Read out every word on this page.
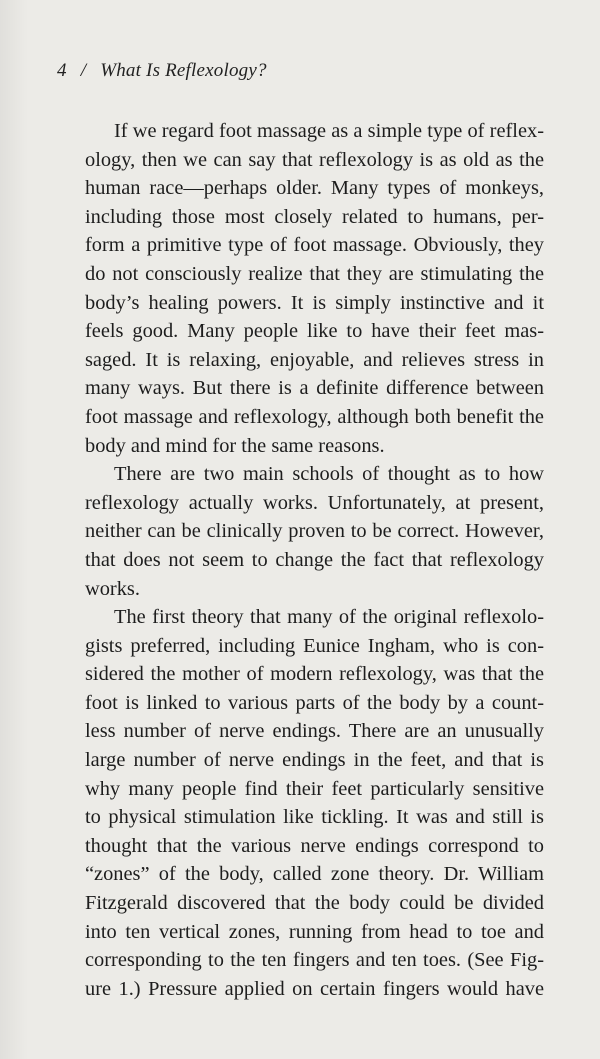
4 / What Is Reflexology?
If we regard foot massage as a simple type of reflex-
ology, then we can say that reflexology is as old as the
human race—perhaps older. Many types of monkeys,
including those most closely related to humans, per-
form a primitive type of foot massage. Obviously, they
do not consciously realize that they are stimulating the
body’s healing powers. It is simply instinctive and it
feels good. Many people like to have their feet mas-
saged. It is relaxing, enjoyable, and relieves stress in
many ways. But there is a definite difference between
foot massage and reflexology, although both benefit the
body and mind for the same reasons.
There are two main schools of thought as to how
reflexology actually works. Unfortunately, at present,
neither can be clinically proven to be correct. However,
that does not seem to change the fact that reflexology
works.
The first theory that many of the original reflexolo-
gists preferred, including Eunice Ingham, who is con-
sidered the mother of modern reflexology, was that the
foot is linked to various parts of the body by a count-
less number of nerve endings. There are an unusually
large number of nerve endings in the feet, and that is
why many people find their feet particularly sensitive
to physical stimulation like tickling. It was and still is
thought that the various nerve endings correspond to
“zones” of the body, called zone theory. Dr. William
Fitzgerald discovered that the body could be divided
into ten vertical zones, running from head to toe and
corresponding to the ten fingers and ten toes. (See Fig-
ure 1.) Pressure applied on certain fingers would have
